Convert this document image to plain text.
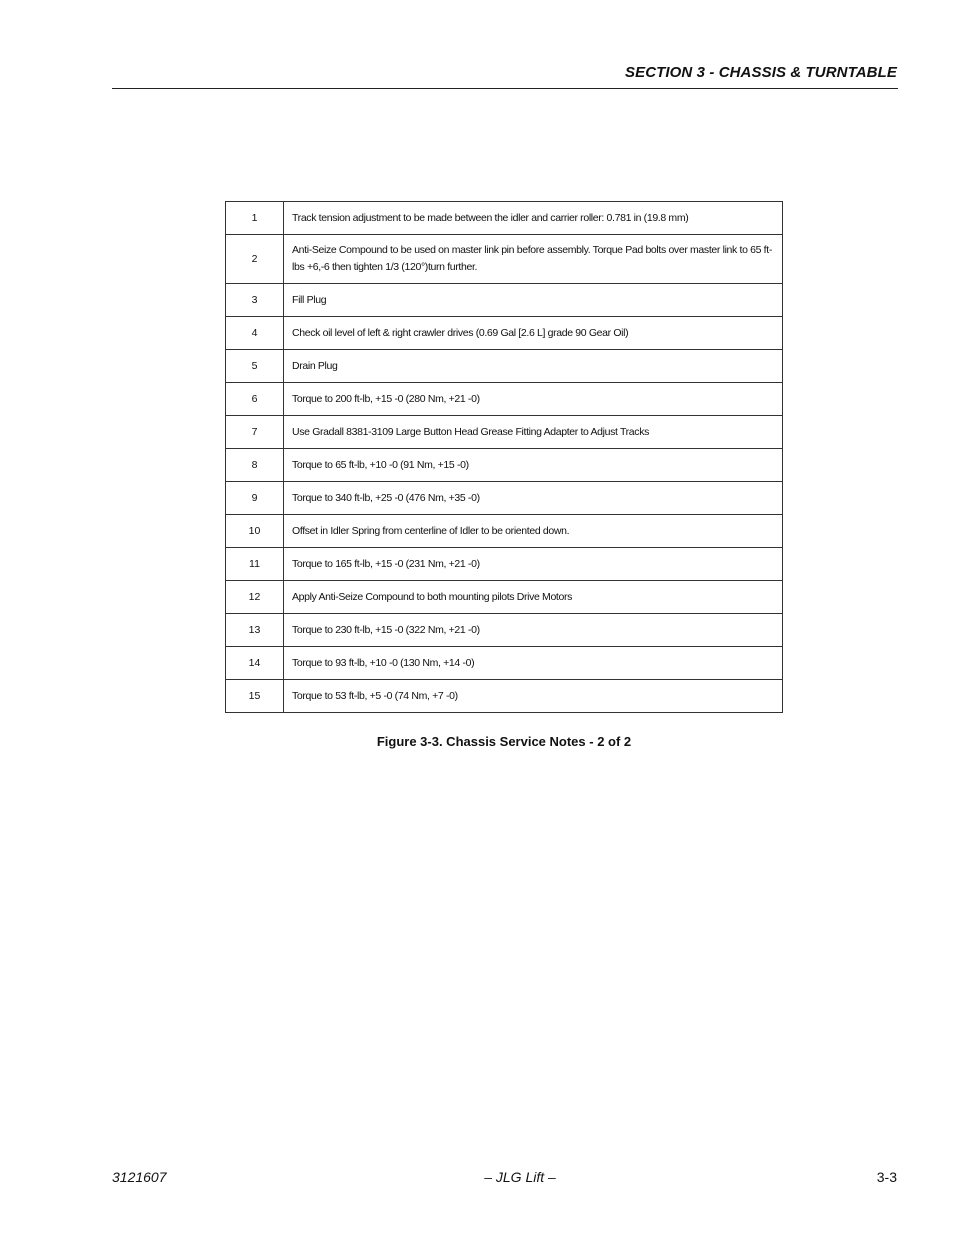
SECTION 3 - CHASSIS & TURNTABLE
1	Track tension adjustment to be made between the idler and carrier roller: 0.781 in (19.8 mm)
2	Anti-Seize Compound to be used on master link pin before assembly. Torque Pad bolts over master link to 65 ft-lbs +6,-6 then tighten 1/3 (120°)turn further.
3	Fill Plug
4	Check oil level of left & right crawler drives (0.69 Gal [2.6 L] grade 90 Gear Oil)
5	Drain Plug
6	Torque to 200 ft-lb, +15 -0 (280 Nm, +21 -0)
7	Use Gradall 8381-3109 Large Button Head Grease Fitting Adapter to Adjust Tracks
8	Torque to 65 ft-lb, +10 -0 (91 Nm, +15 -0)
9	Torque to 340 ft-lb, +25 -0 (476 Nm, +35 -0)
10	Offset in Idler Spring from centerline of Idler to be oriented down.
11	Torque to 165 ft-lb, +15 -0 (231 Nm, +21 -0)
12	Apply Anti-Seize Compound to both mounting pilots Drive Motors
13	Torque to 230 ft-lb, +15 -0 (322 Nm, +21 -0)
14	Torque to 93 ft-lb, +10 -0 (130 Nm, +14 -0)
15	Torque to 53 ft-lb, +5 -0 (74 Nm, +7 -0)
Figure 3-3. Chassis Service Notes - 2 of 2
3121607	– JLG Lift –	3-3
